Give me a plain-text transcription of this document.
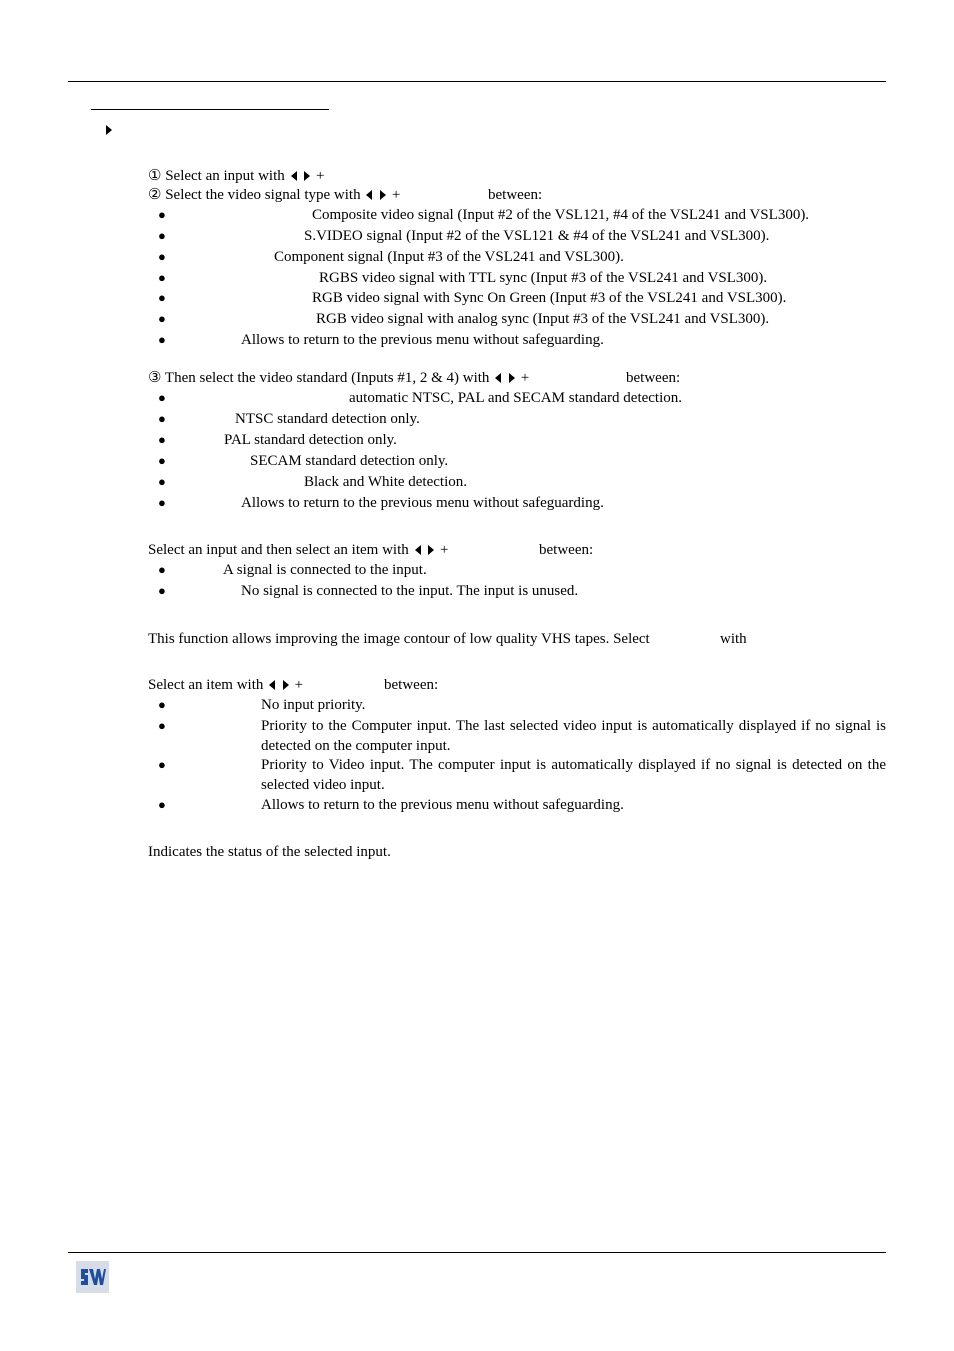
① Select an input with +
② Select the video signal type with +	between:
●	Composite video signal (Input #2 of the VSL121, #4 of the VSL241 and VSL300).
●	S.VIDEO signal (Input #2 of the VSL121 & #4 of the VSL241 and VSL300).
●	Component signal (Input #3 of the VSL241 and VSL300).
●	RGBS video signal with TTL sync (Input #3 of the VSL241 and VSL300).
●	RGB video signal with Sync On Green (Input #3 of the VSL241 and VSL300).
●	RGB video signal with analog sync (Input #3 of the VSL241 and VSL300).
●	Allows to return to the previous menu without safeguarding.
③ Then select the video standard (Inputs #1, 2 & 4) with +	between:
●	automatic NTSC, PAL and SECAM standard detection.
●	NTSC standard detection only.
●	PAL standard detection only.
●	SECAM standard detection only.
●	Black and White detection.
●	Allows to return to the previous menu without safeguarding.
Select an input and then select an item with +	between:
●	A signal is connected to the input.
●	No signal is connected to the input. The input is unused.
This function allows improving the image contour of low quality VHS tapes. Select	with
Select an item with +	between:
●	No input priority.
●	Priority to the Computer input. The last selected video input is automatically displayed if no signal is detected on the computer input.
●	Priority to Video input. The computer input is automatically displayed if no signal is detected on the selected video input.
●	Allows to return to the previous menu without safeguarding.
Indicates the status of the selected input.
